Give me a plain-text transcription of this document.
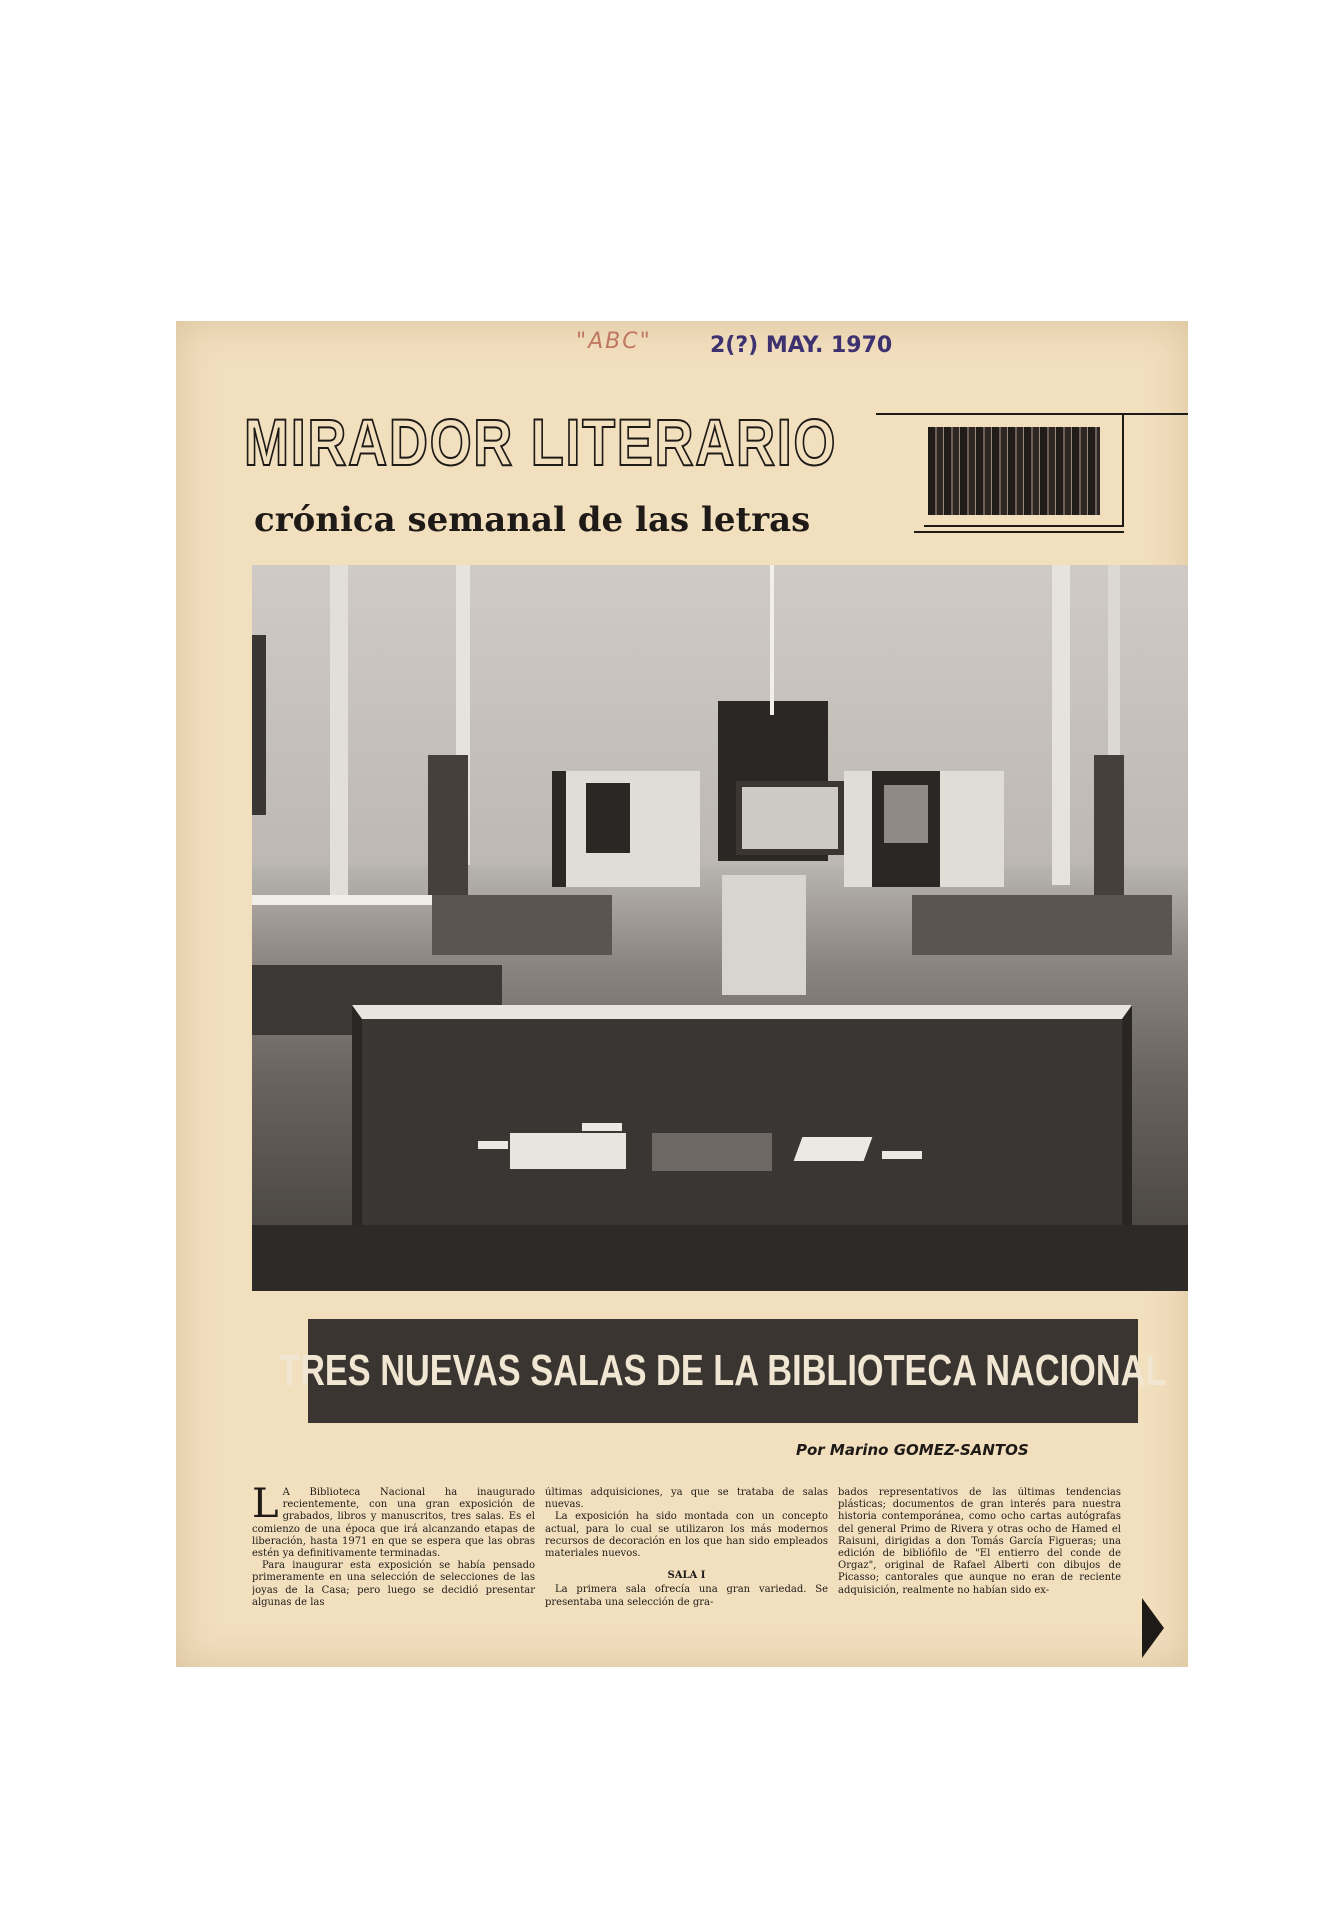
"ABC"	2(?) MAY. 1970
MIRADOR LITERARIO
crónica semanal de las letras
TRES NUEVAS SALAS DE LA BIBLIOTECA NACIONAL
Por Marino GOMEZ-SANTOS
L A Biblioteca Nacional ha inaugurado recientemente, con una gran exposición de grabados, libros y manuscritos, tres salas. Es el comienzo de una época que irá alcanzando etapas de liberación, hasta 1971 en que se espera que las obras estén ya definitivamente terminadas.

Para inaugurar esta exposición se había pensado primeramente en una selección de selecciones de las joyas de la Casa; pero luego se decidió presentar algunas de las

últimas adquisiciones, ya que se trataba de salas nuevas.

La exposición ha sido montada con un concepto actual, para lo cual se utilizaron los más modernos recursos de decoración en los que han sido empleados materiales nuevos.

SALA I

La primera sala ofrecía una gran variedad. Se presentaba una selección de gra-

bados representativos de las últimas tendencias plásticas; documentos de gran interés para nuestra historia contemporánea, como ocho cartas autógrafas del general Primo de Rivera y otras ocho de Hamed el Raisuni, dirigidas a don Tomás García Figueras; una edición de bibliófilo de "El entierro del conde de Orgaz", original de Rafael Alberti con dibujos de Picasso; cantorales que aunque no eran de reciente adquisición, realmente no habían sido ex-
